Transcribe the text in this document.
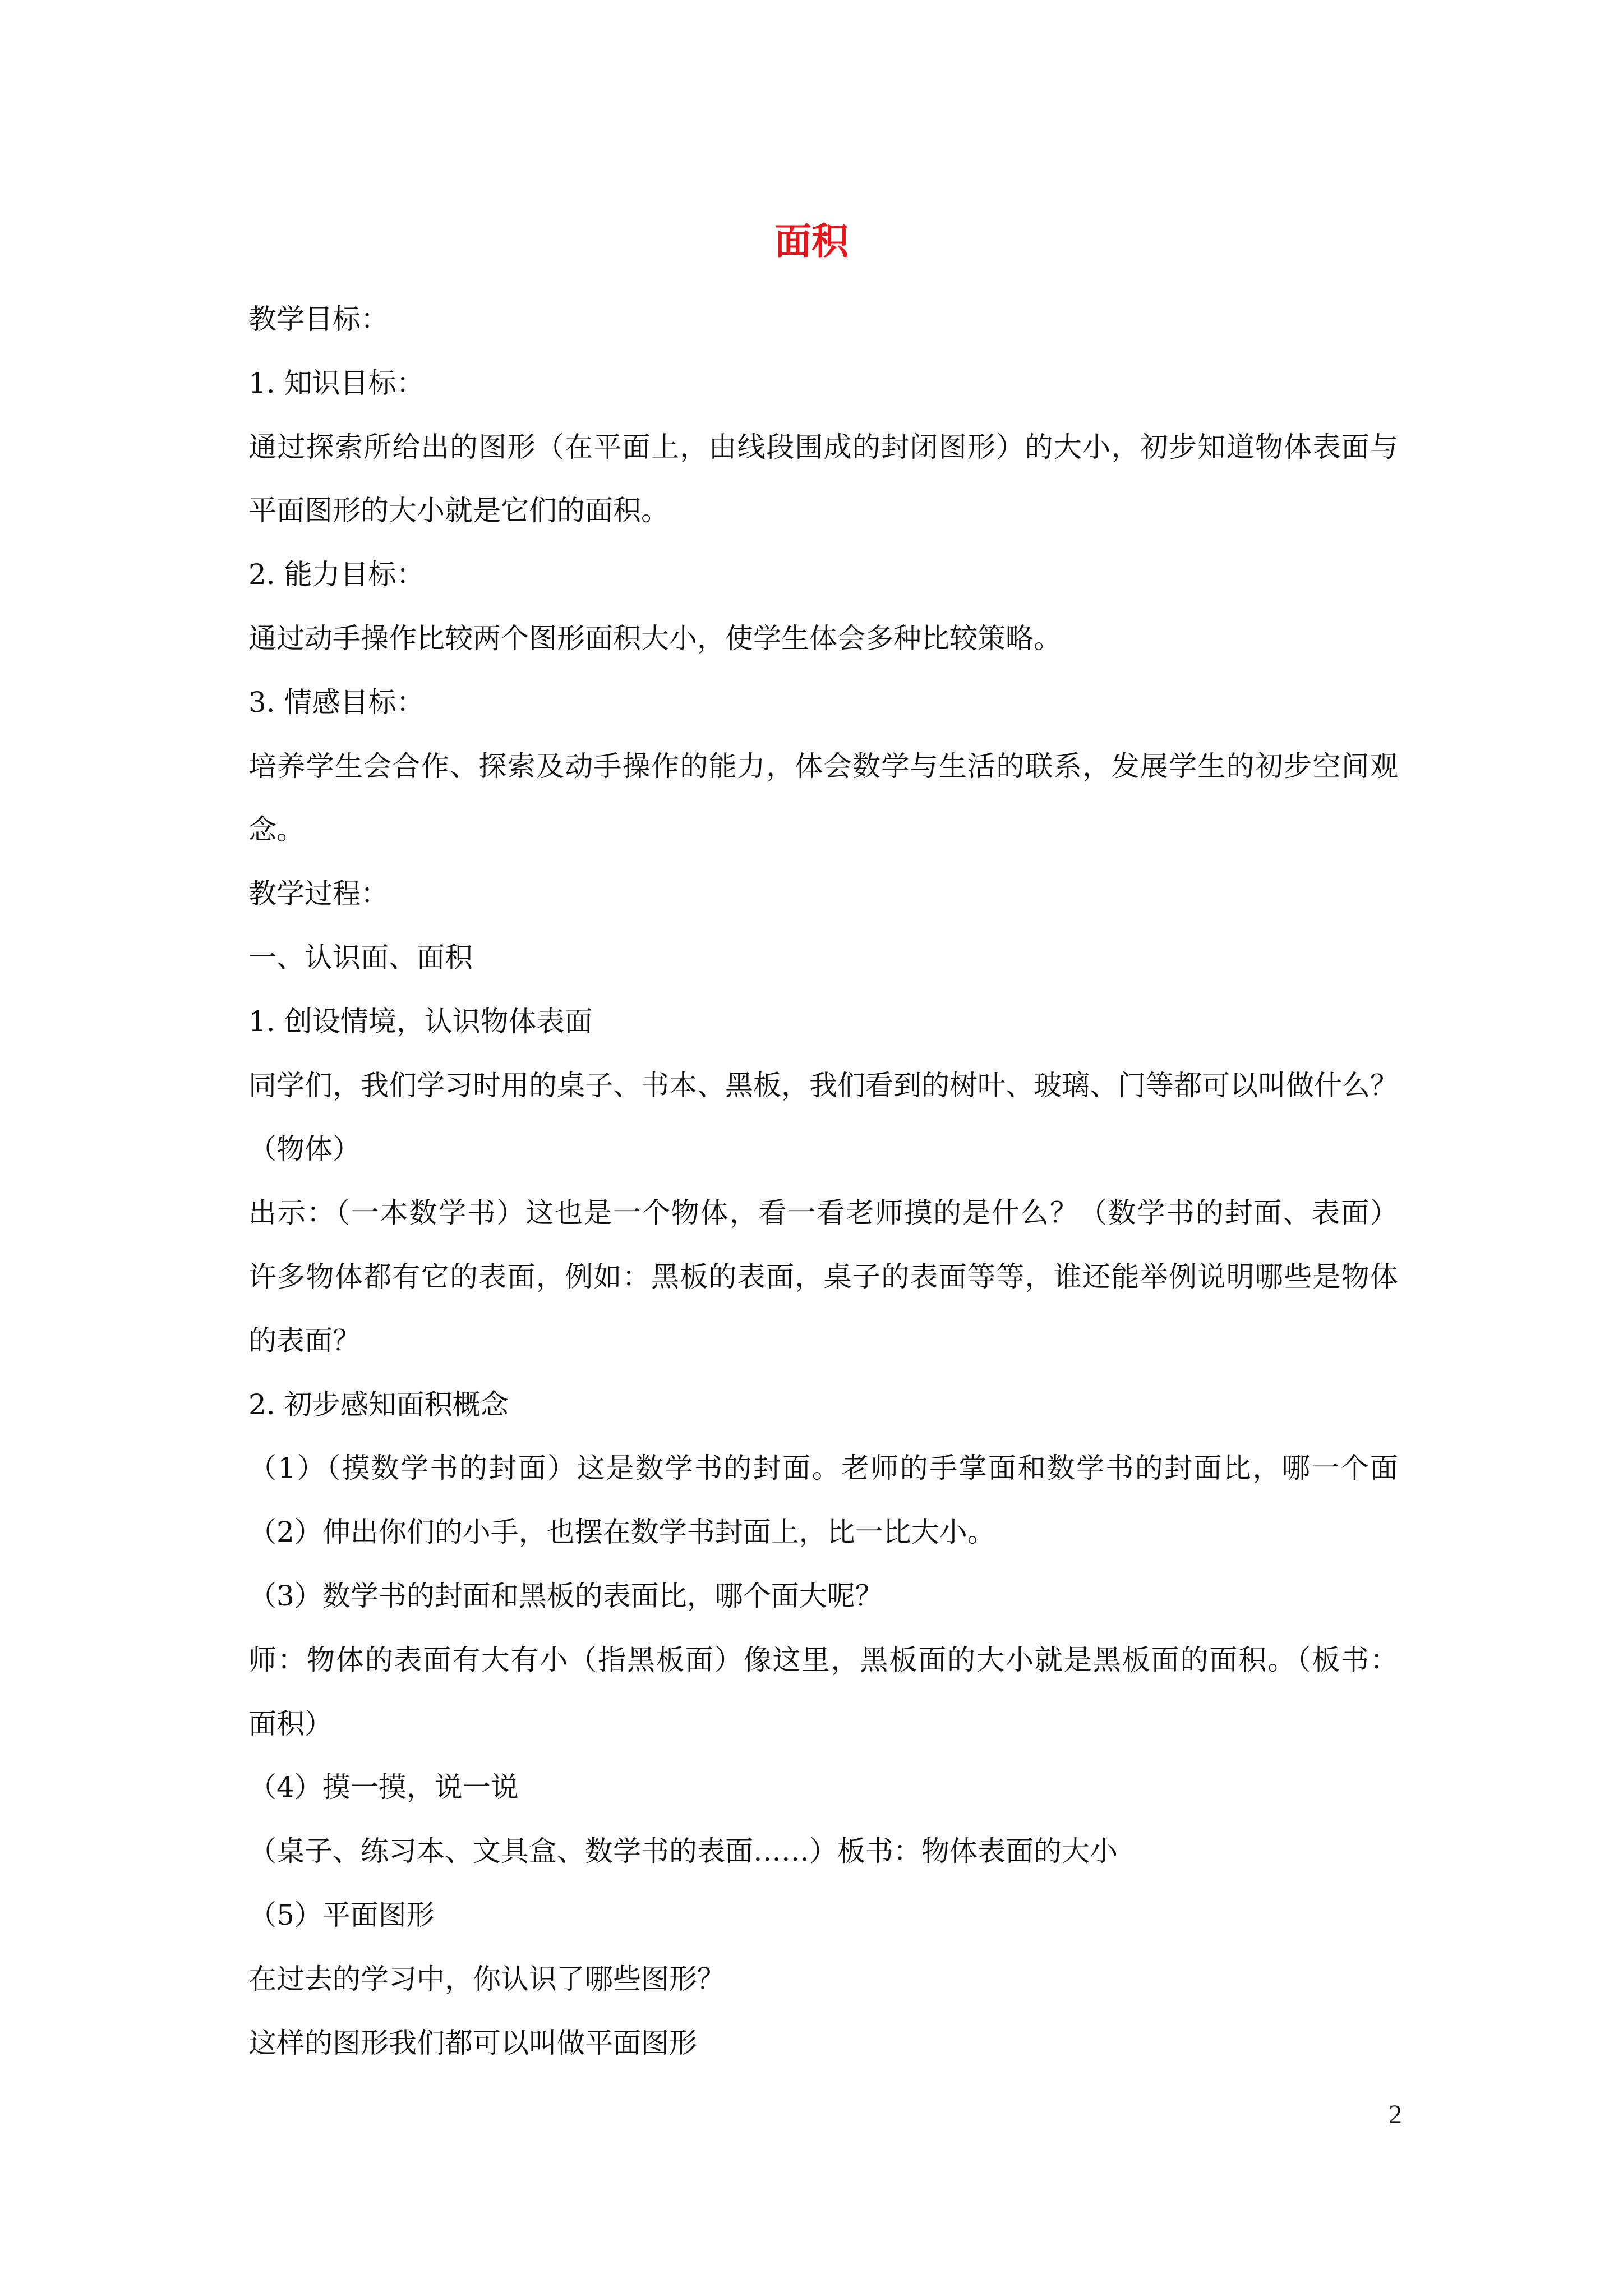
面积
教学目标：
1. 知识目标：
通过探索所给出的图形（在平面上，由线段围成的封闭图形）的大小，初步知道物体表面与
平面图形的大小就是它们的面积。
2. 能力目标：
通过动手操作比较两个图形面积大小，使学生体会多种比较策略。
3. 情感目标：
培养学生会合作、探索及动手操作的能力，体会数学与生活的联系，发展学生的初步空间观
念。
教学过程：
一、认识面、面积
1. 创设情境，认识物体表面
同学们，我们学习时用的桌子、书本、黑板，我们看到的树叶、玻璃、门等都可以叫做什么？
（物体）
出示：（一本数学书）这也是一个物体，看一看老师摸的是什么？（数学书的封面、表面）
许多物体都有它的表面，例如：黑板的表面，桌子的表面等等，谁还能举例说明哪些是物体
的表面？
2. 初步感知面积概念
（1）（摸数学书的封面）这是数学书的封面。老师的手掌面和数学书的封面比，哪一个面
（2）伸出你们的小手，也摆在数学书封面上，比一比大小。
（3）数学书的封面和黑板的表面比，哪个面大呢？
师：物体的表面有大有小（指黑板面）像这里，黑板面的大小就是黑板面的面积。（板书：
面积）
（4）摸一摸，说一说
（桌子、练习本、文具盒、数学书的表面……）板书：物体表面的大小
（5）平面图形
在过去的学习中，你认识了哪些图形？
这样的图形我们都可以叫做平面图形
2
